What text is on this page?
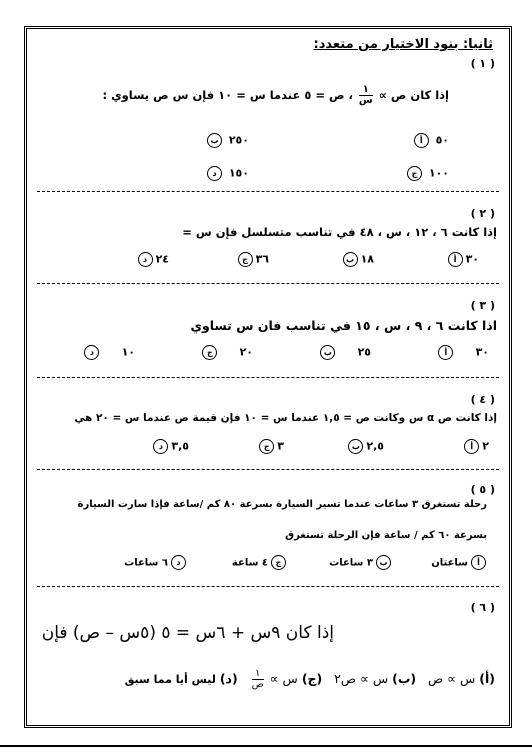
ثانيا: بنود الاختيار من متعدد:
( ١ )
إذا كان ص ∝
$\frac{١}{\text{س}}$
، ص = ٥ عندما س = ١٠ فإن س ص يساوي :
أ ٥٠
ب ٢٥٠
ج ١٠٠
د ١٥٠
( ٢ )
إذا كانت ٦ ، ١٢ ، س ، ٤٨ في تناسب متسلسل فإن س =
أ ٣٠
ب ١٨
ج ٣٦
د ٢٤
( ٣ )
اذا كانت ٦ ، ٩ ، س ، ١٥ في تناسب فان س تساوي
أ	٣٠
ب ٢٥
ج ٢٠
د	١٠
( ٤ )
إذا كانت ص α س وكانت ص = ١,٥ عندما س = ١٠ فإن قيمة ص عندما س = ٢٠ هي
أ ٢
ب ٢,٥
ج ٣
د ٣,٥
( ٥ )
رحلة تستغرق ٣ ساعات عندما تسير السيارة بسرعة ٨٠ كم /ساعة فإذا سارت السيارة
بسرعة ٦٠ كم / ساعة فإن الرحلة تستغرق
أساعتان
ب٣ ساعات
ج٤ ساعة
د٦ ساعات
( ٦ )
إذا كان ٩س + ٦س = ٥ (٥س – ص) فإن
(أ) س ∝ ص   (ب) س ∝ ص٢   (ج) س ∝
$\frac{١}{\text{ص}}$
(د) ليس أيا مما سبق
